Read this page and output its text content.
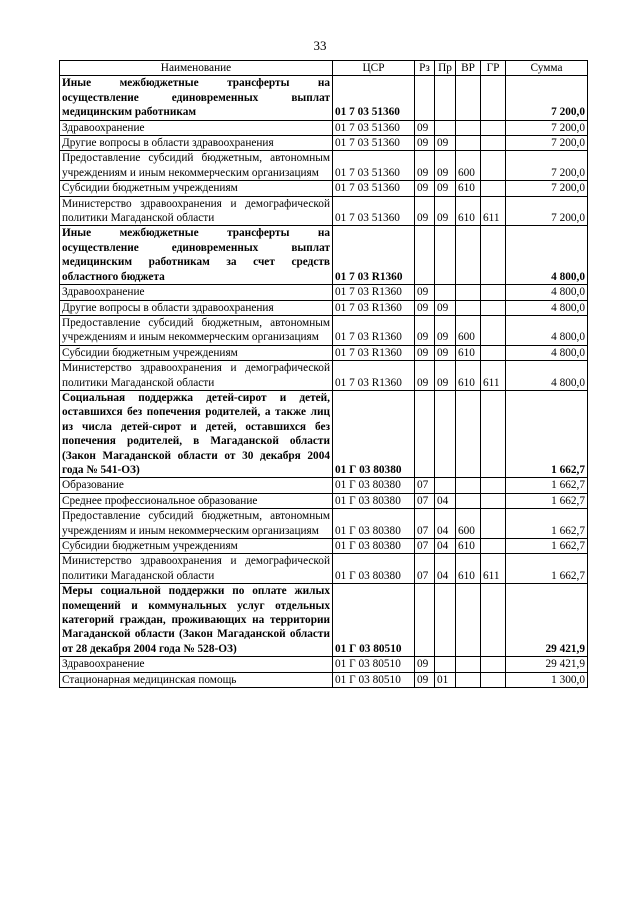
33
Наименование	ЦСР	Рз	Пр	ВР	ГР	Сумма
Иные межбюджетные трансферты на осуществление единовременных выплат медицинским работникам	01 7 03 51360					7 200,0
Здравоохранение	01 7 03 51360	09				7 200,0
Другие вопросы в области здравоохранения	01 7 03 51360	09	09			7 200,0
Предоставление субсидий бюджетным, автономным учреждениям и иным некоммерческим организациям	01 7 03 51360	09	09	600		7 200,0
Субсидии бюджетным учреждениям	01 7 03 51360	09	09	610		7 200,0
Министерство здравоохранения и демографической политики Магаданской области	01 7 03 51360	09	09	610	611	7 200,0
Иные межбюджетные трансферты на осуществление единовременных выплат медицинским работникам за счет средств областного бюджета	01 7 03 R1360					4 800,0
Здравоохранение	01 7 03 R1360	09				4 800,0
Другие вопросы в области здравоохранения	01 7 03 R1360	09	09			4 800,0
Предоставление субсидий бюджетным, автономным учреждениям и иным некоммерческим организациям	01 7 03 R1360	09	09	600		4 800,0
Субсидии бюджетным учреждениям	01 7 03 R1360	09	09	610		4 800,0
Министерство здравоохранения и демографической политики Магаданской области	01 7 03 R1360	09	09	610	611	4 800,0
Социальная поддержка детей-сирот и детей, оставшихся без попечения родителей, а также лиц из числа детей-сирот и детей, оставшихся без попечения родителей, в Магаданской области (Закон Магаданской области от 30 декабря 2004 года № 541-ОЗ)	01 Г 03 80380					1 662,7
Образование	01 Г 03 80380	07				1 662,7
Среднее профессиональное образование	01 Г 03 80380	07	04			1 662,7
Предоставление субсидий бюджетным, автономным учреждениям и иным некоммерческим организациям	01 Г 03 80380	07	04	600		1 662,7
Субсидии бюджетным учреждениям	01 Г 03 80380	07	04	610		1 662,7
Министерство здравоохранения и демографической политики Магаданской области	01 Г 03 80380	07	04	610	611	1 662,7
Меры социальной поддержки по оплате жилых помещений и коммунальных услуг отдельных категорий граждан, проживающих на территории Магаданской области (Закон Магаданской области от 28 декабря 2004 года № 528-ОЗ)	01 Г 03 80510					29 421,9
Здравоохранение	01 Г 03 80510	09				29 421,9
Стационарная медицинская помощь	01 Г 03 80510	09	01			1 300,0
